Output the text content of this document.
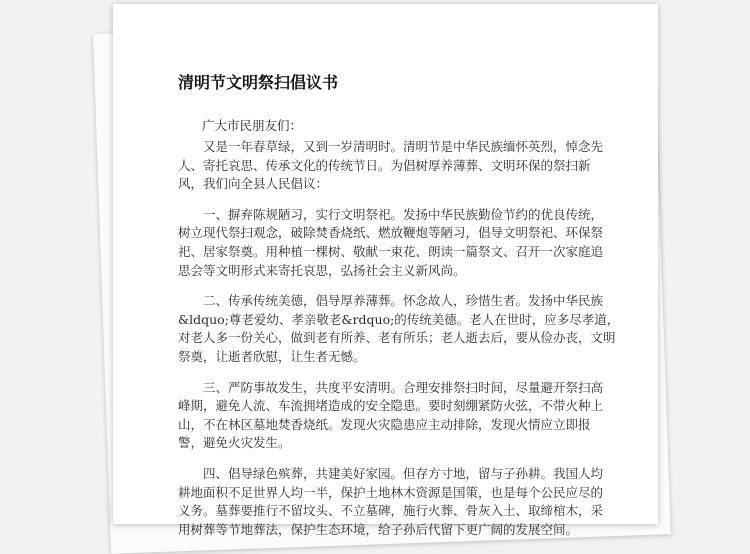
清明节文明祭扫倡议书

广大市民朋友们：

又是一年春草绿，又到一岁清明时。清明节是中华民族缅怀英烈，悼念先
人、寄托哀思、传承文化的传统节日。为倡树厚养薄葬、文明环保的祭扫新
风，我们向全县人民倡议：
一、摒弃陈规陋习，实行文明祭祀。发扬中华民族勤俭节约的优良传统，
树立现代祭扫观念，破除焚香烧纸、燃放鞭炮等陋习，倡导文明祭祀、环保祭
祀、居家祭奠。用种植一棵树、敬献一束花、朗读一篇祭文、召开一次家庭追
思会等文明形式来寄托哀思，弘扬社会主义新风尚。
二、传承传统美德，倡导厚养薄葬。怀念故人，珍惜生者。发扬中华民族
&ldquo;尊老爱幼、孝亲敬老&rdquo;的传统美德。老人在世时，应多尽孝道，
对老人多一份关心，做到老有所养、老有所乐；老人逝去后，要从俭办丧，文明
祭奠，让逝者欣慰，让生者无憾。
三、严防事故发生，共度平安清明。合理安排祭扫时间，尽量避开祭扫高
峰期，避免人流、车流拥堵造成的安全隐患。要时刻绷紧防火弦，不带火种上
山，不在林区墓地焚香烧纸。发现火灾隐患应主动排除，发现火情应立即报
警，避免火灾发生。
四、倡导绿色殡葬，共建美好家园。但存方寸地，留与子孙耕。我国人均
耕地面积不足世界人均一半，保护土地林木资源是国策，也是每个公民应尽的
义务。墓葬要推行不留坟头、不立墓碑，施行火葬、骨灰入土、取缔棺木，采
用树葬等节地葬法，保护生态环境，给子孙后代留下更广阔的发展空间。
